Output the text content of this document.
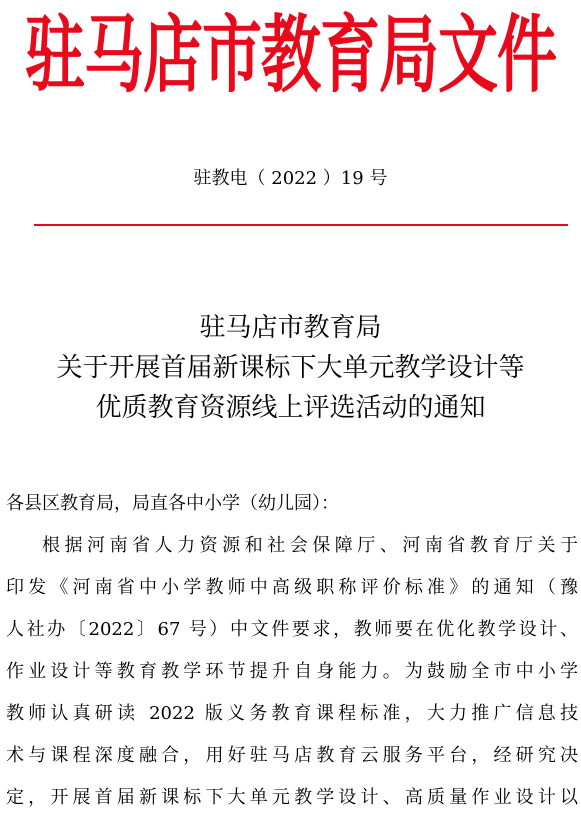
驻马店市教育局文件
驻教电（ 2022 ）19 号
驻马店市教育局
关于开展首届新课标下大单元教学设计等
优质教育资源线上评选活动的通知

各县区教育局，局直各中小学（幼儿园）：

根据河南省人力资源和社会保障厅、河南省教育厅关于

印发《河南省中小学教师中高级职称评价标准》的通知（豫

人社办〔2022〕67 号）中文件要求，教师要在优化教学设计、

作业设计等教育教学环节提升自身能力。为鼓励全市中小学

教师认真研读 2022 版义务教育课程标准，大力推广信息技

术与课程深度融合，用好驻马店教育云服务平台，经研究决

定，开展首届新课标下大单元教学设计、高质量作业设计以
